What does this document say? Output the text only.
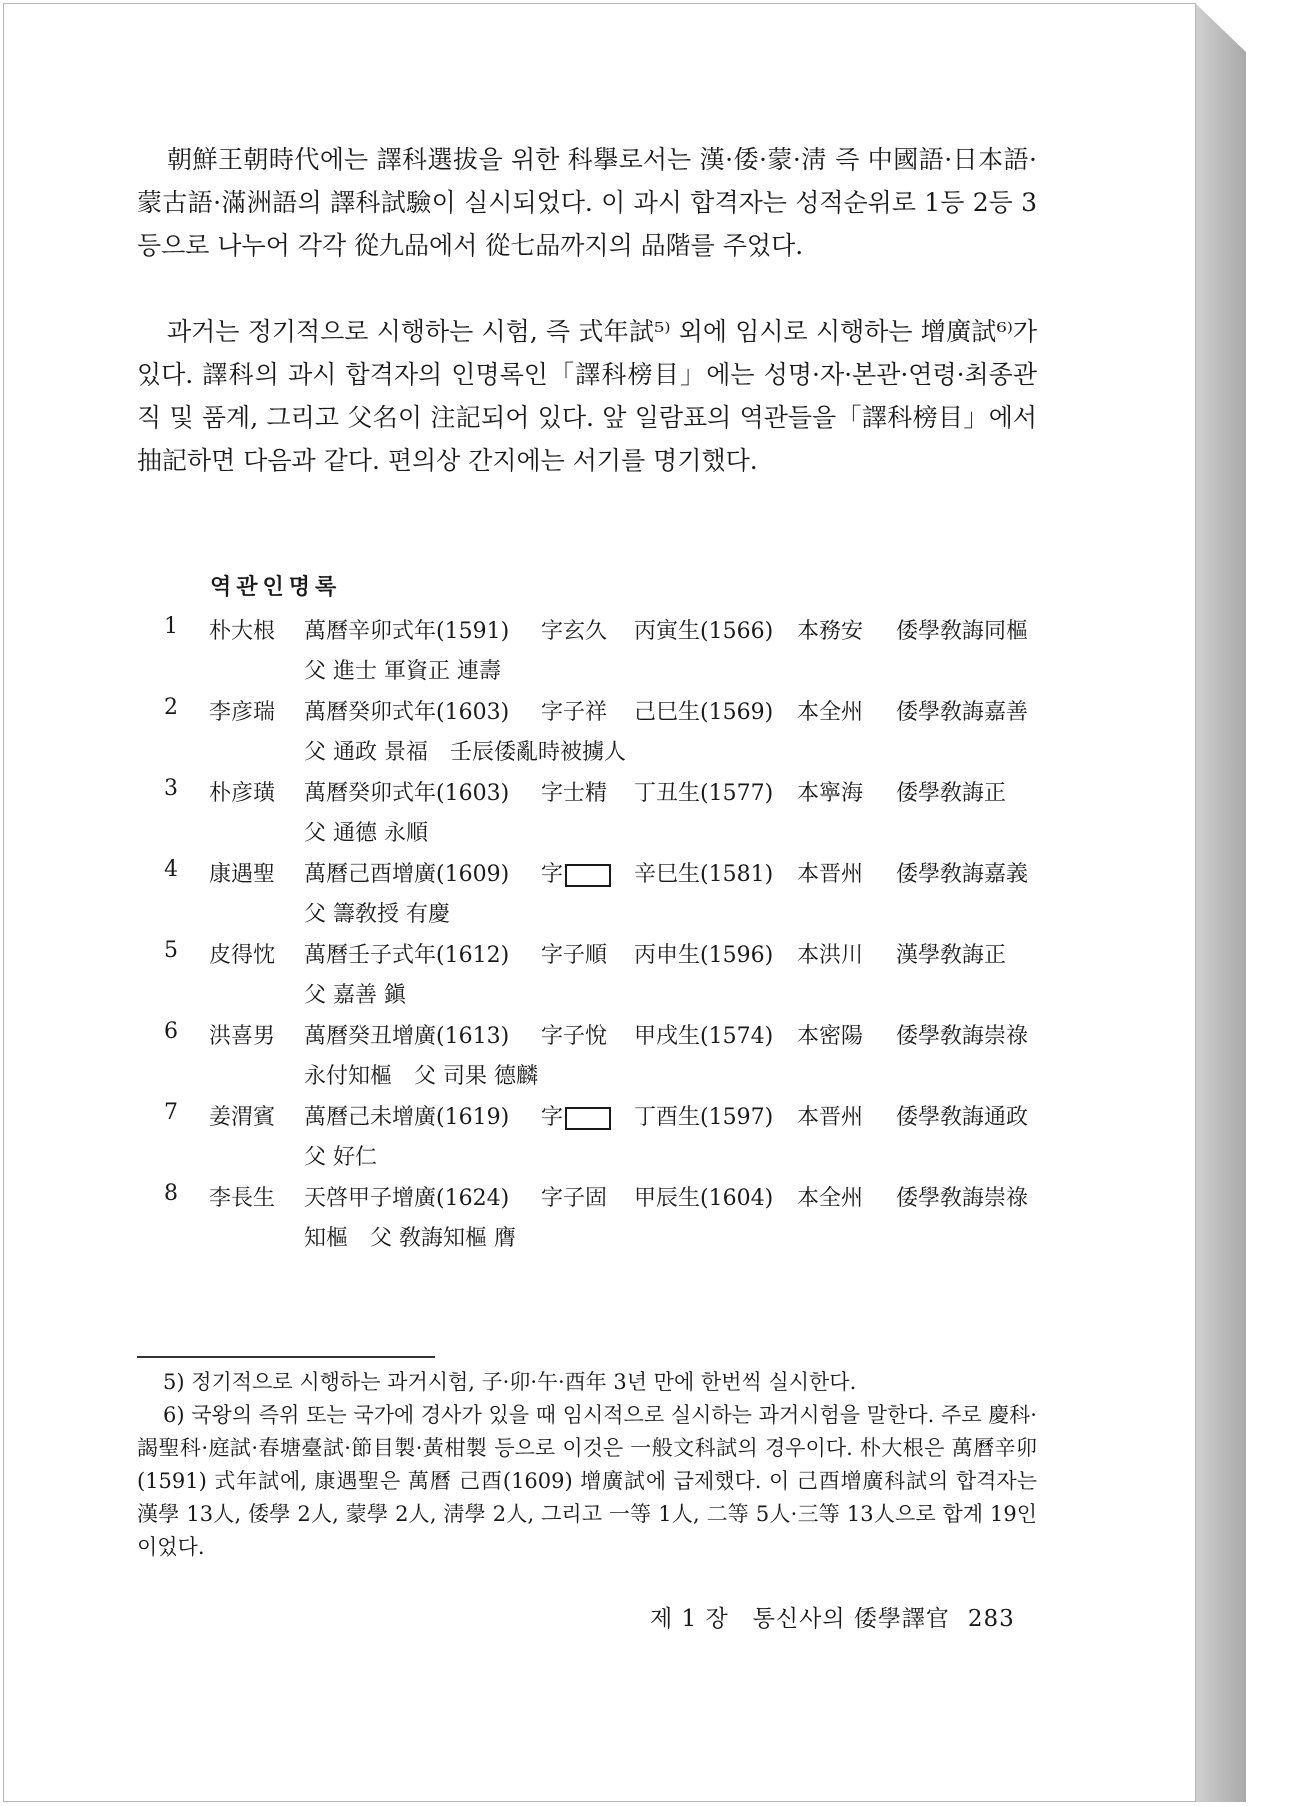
朝鮮王朝時代에는 譯科選拔을 위한 科擧로서는 漢·倭·蒙·淸 즉 中國語·日本語·蒙古語·滿洲語의 譯科試驗이 실시되었다. 이 과시 합격자는 성적순위로 1등 2등 3등으로 나누어 각각 從九品에서 從七品까지의 品階를 주었다.

과거는 정기적으로 시행하는 시험, 즉 式年試⁵⁾ 외에 임시로 시행하는 增廣試⁶⁾가 있다. 譯科의 과시 합격자의 인명록인「譯科榜目」에는 성명·자·본관·연령·최종관직 및 품계, 그리고 父名이 注記되어 있다. 앞 일람표의 역관들을「譯科榜目」에서 抽記하면 다음과 같다. 편의상 간지에는 서기를 명기했다.

역관인명록
1 朴大根 萬曆辛卯式年(1591) 字玄久 丙寅生(1566) 本務安 倭學敎誨同樞
父 進士 軍資正 連壽
2 李彦瑞 萬曆癸卯式年(1603) 字子祥 己巳生(1569) 本全州 倭學敎誨嘉善
父 通政 景福　壬辰倭亂時被擄人
3 朴彦璜 萬曆癸卯式年(1603) 字士精 丁丑生(1577) 本寧海 倭學敎誨正
父 通德 永順
4 康遇聖 萬曆己酉增廣(1609) 字	辛巳生(1581) 本晋州 倭學敎誨嘉義
父 籌敎授 有慶
5 皮得忱 萬曆壬子式年(1612) 字子順 丙申生(1596) 本洪川 漢學敎誨正
父 嘉善 鎭
6 洪喜男 萬曆癸丑增廣(1613) 字子悅 甲戌生(1574) 本密陽 倭學敎誨崇祿
永付知樞　父 司果 德麟
7 姜渭賓 萬曆己未增廣(1619) 字	丁酉生(1597) 本晋州 倭學敎誨通政
父 好仁
8 李長生 天啓甲子增廣(1624) 字子固 甲辰生(1604) 本全州 倭學敎誨崇祿
知樞　父 敎誨知樞 膺

5) 정기적으로 시행하는 과거시험, 子·卯·午·酉年 3년 만에 한번씩 실시한다.

6) 국왕의 즉위 또는 국가에 경사가 있을 때 임시적으로 실시하는 과거시험을 말한다. 주로 慶科·謁聖科·庭試·春塘臺試·節目製·黃柑製 등으로 이것은 一般文科試의 경우이다. 朴大根은 萬曆辛卯(1591) 式年試에, 康遇聖은 萬曆 己酉(1609) 增廣試에 급제했다. 이 己酉增廣科試의 합격자는 漢學 13人, 倭學 2人, 蒙學 2人, 淸學 2人, 그리고 一等 1人, 二等 5人·三等 13人으로 합계 19인이었다.

제 1 장　통신사의 倭學譯官 283
